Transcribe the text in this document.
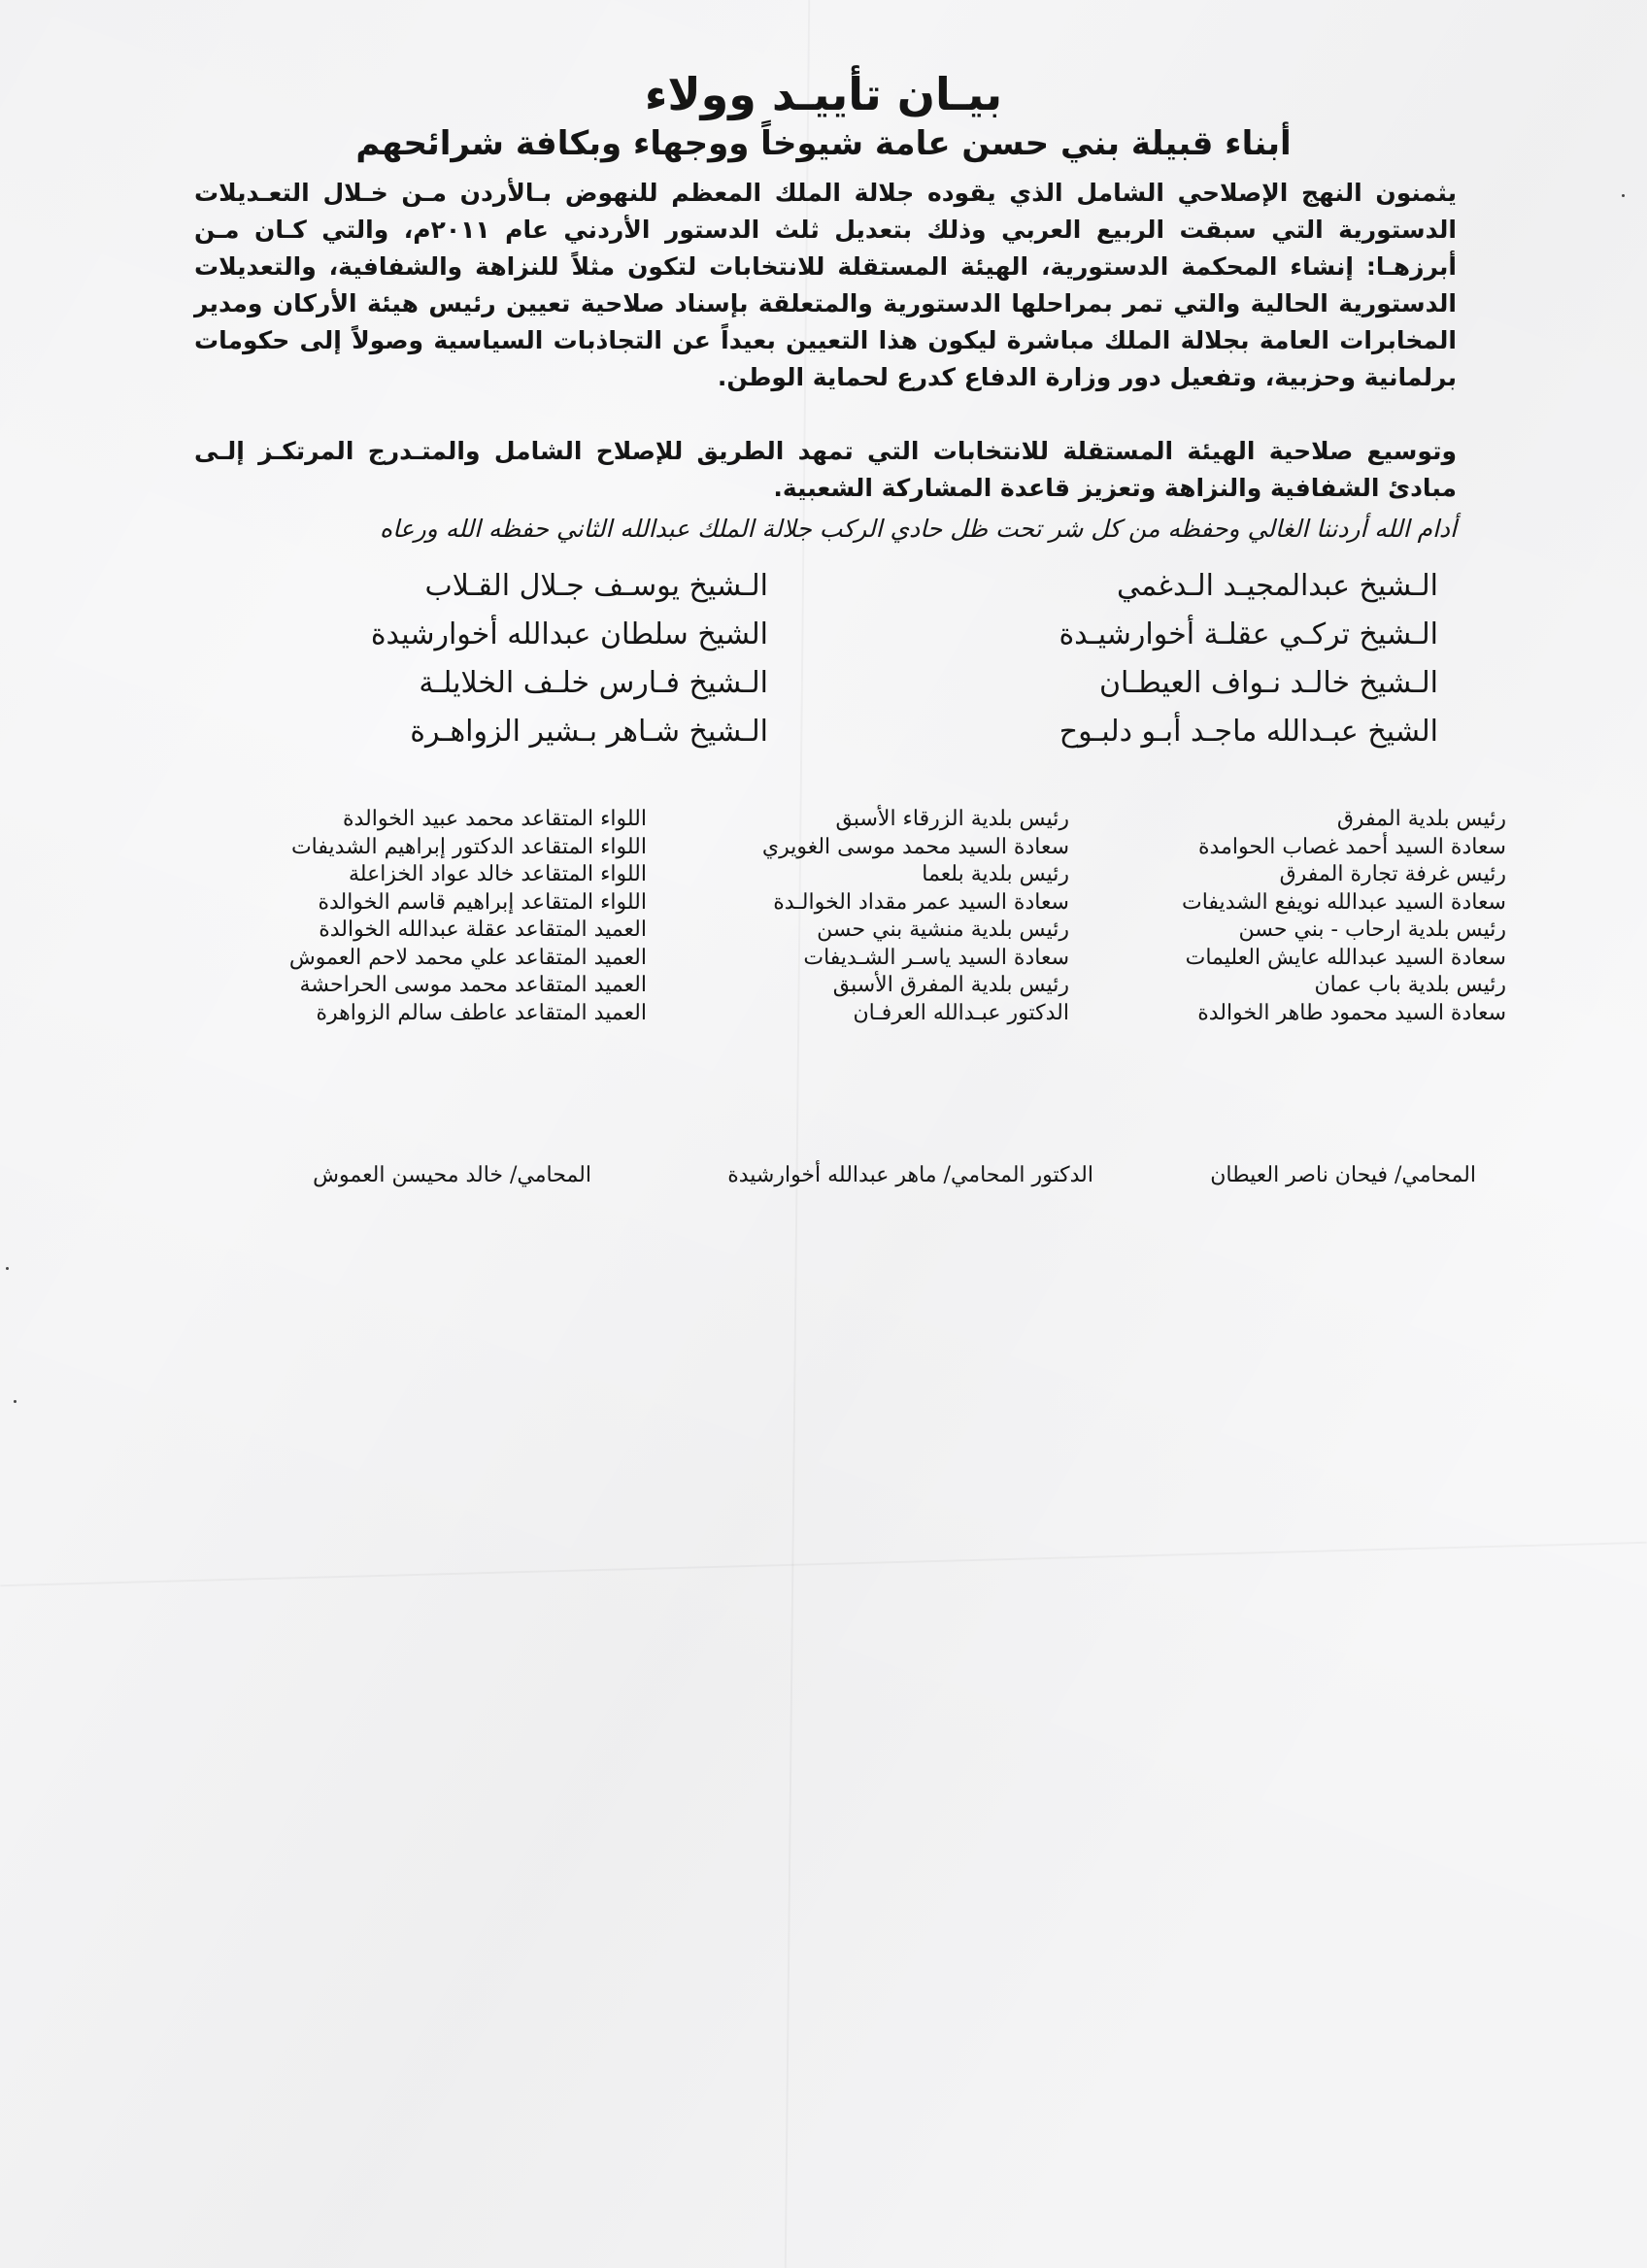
بيـان تأييـد وولاء
أبناء قبيلة بني حسن عامة شيوخاً ووجهاء وبكافة شرائحهم
يثمنون النهج الإصلاحي الشامل الذي يقوده جلالة الملك المعظم للنهوض بـالأردن مـن خـلال التعـديلات الدستورية التي سبقت الربيع العربي وذلك بتعديل ثلث الدستور الأردني عام ٢٠١١م، والتي كـان مـن أبرزهـا: إنشاء المحكمة الدستورية، الهيئة المستقلة للانتخابات لتكون مثلاً للنزاهة والشفافية، والتعديلات الدستورية الحالية والتي تمر بمراحلها الدستورية والمتعلقة بإسناد صلاحية تعيين رئيس هيئة الأركان ومدير المخابرات العامة بجلالة الملك مباشرة ليكون هذا التعيين بعيداً عن التجاذبات السياسية وصولاً إلى حكومات برلمانية وحزبية، وتفعيل دور وزارة الدفاع كدرع لحماية الوطن.
وتوسيع صلاحية الهيئة المستقلة للانتخابات التي تمهد الطريق للإصلاح الشامل والمتـدرج المرتكـز إلـى مبادئ الشفافية والنزاهة وتعزيز قاعدة المشاركة الشعبية.
أدام الله أردننا الغالي وحفظه من كل شر تحت ظل حادي الركب جلالة الملك عبدالله الثاني حفظه الله ورعاه
الـشيخ عبدالمجيـد الـدغمي
الـشيخ تركـي عقلـة أخوارشيـدة
الـشيخ خالـد نـواف العيطـان
الشيخ عبـدالله ماجـد أبـو دلبـوح
الـشيخ يوسـف جـلال القـلاب
الشيخ سلطان عبدالله أخوارشيدة
الـشيخ فـارس خلـف الخلايلـة
الـشيخ شـاهر بـشير الزواهـرة
رئيس بلدية المفرق
سعادة السيد أحمد غصاب الحوامدة
رئيس غرفة تجارة المفرق
سعادة السيد عبدالله نويفع الشديفات
رئيس بلدية ارحاب - بني حسن
سعادة السيد عبدالله عايش العليمات
رئيس بلدية باب عمان
سعادة السيد محمود طاهر الخوالدة
رئيس بلدية الزرقاء الأسبق
سعادة السيد محمد موسى الغويري
رئيس بلدية بلعما
سعادة السيد عمر مقداد الخوالـدة
رئيس بلدية منشية بني حسن
سعادة السيد ياسـر الشـديفات
رئيس بلدية المفرق الأسبق
الدكتور عبـدالله العرفـان
اللواء المتقاعد محمد عبيد الخوالدة
اللواء المتقاعد الدكتور إبراهيم الشديفات
اللواء المتقاعد خالد عواد الخزاعلة
اللواء المتقاعد إبراهيم قاسم الخوالدة
العميد المتقاعد عقلة عبدالله الخوالدة
العميد المتقاعد علي محمد لاحم العموش
العميد المتقاعد محمد موسى الحراحشة
العميد المتقاعد عاطف سالم الزواهرة
المحامي/ فيحان ناصر العيطان
الدكتور المحامي/ ماهر عبدالله أخوارشيدة
المحامي/ خالد محيسن العموش
